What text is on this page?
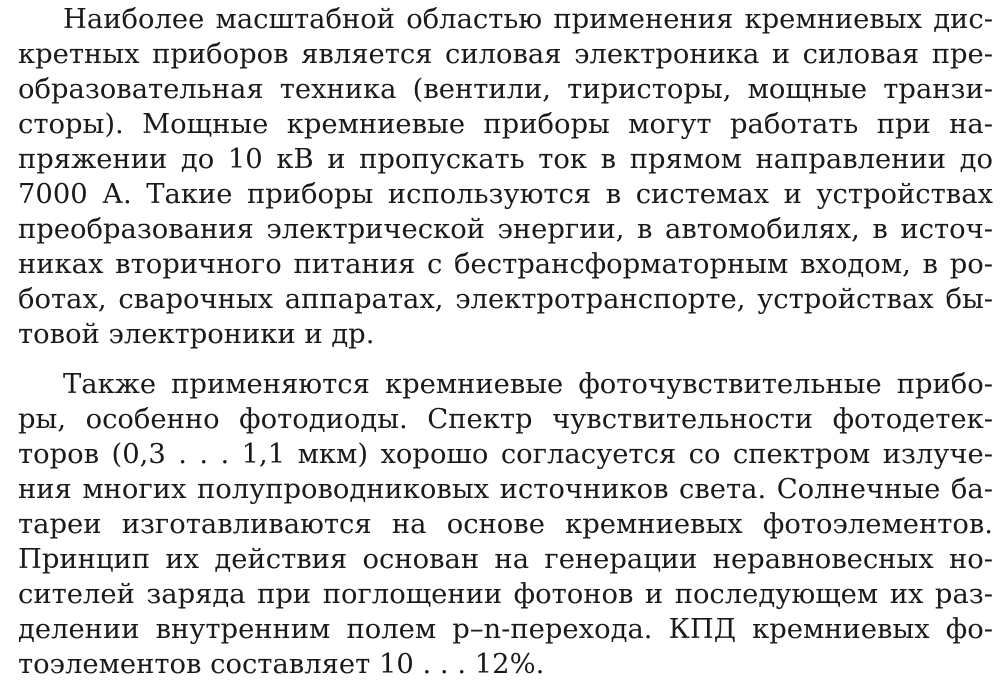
Наиболее масштабной областью применения кремниевых дис-
кретных приборов является силовая электроника и силовая пре-
образовательная техника (вентили, тиристоры, мощные транзи-
сторы). Мощные кремниевые приборы могут работать при на-
пряжении до 10 кВ и пропускать ток в прямом направлении до
7000 А. Такие приборы используются в системах и устройствах
преобразования электрической энергии, в автомобилях, в источ-
никах вторичного питания с бестрансформаторным входом, в ро-
ботах, сварочных аппаратах, электротранспорте, устройствах бы-
товой электроники и др.
Также применяются кремниевые фоточувствительные прибо-
ры, особенно фотодиоды. Спектр чувствительности фотодетек-
торов (0,3 . . . 1,1 мкм) хорошо согласуется со спектром излуче-
ния многих полупроводниковых источников света. Солнечные ба-
тареи изготавливаются на основе кремниевых фотоэлементов.
Принцип их действия основан на генерации неравновесных но-
сителей заряда при поглощении фотонов и последующем их раз-
делении внутренним полем p–n-перехода. КПД кремниевых фо-
тоэлементов составляет 10 . . . 12%.
